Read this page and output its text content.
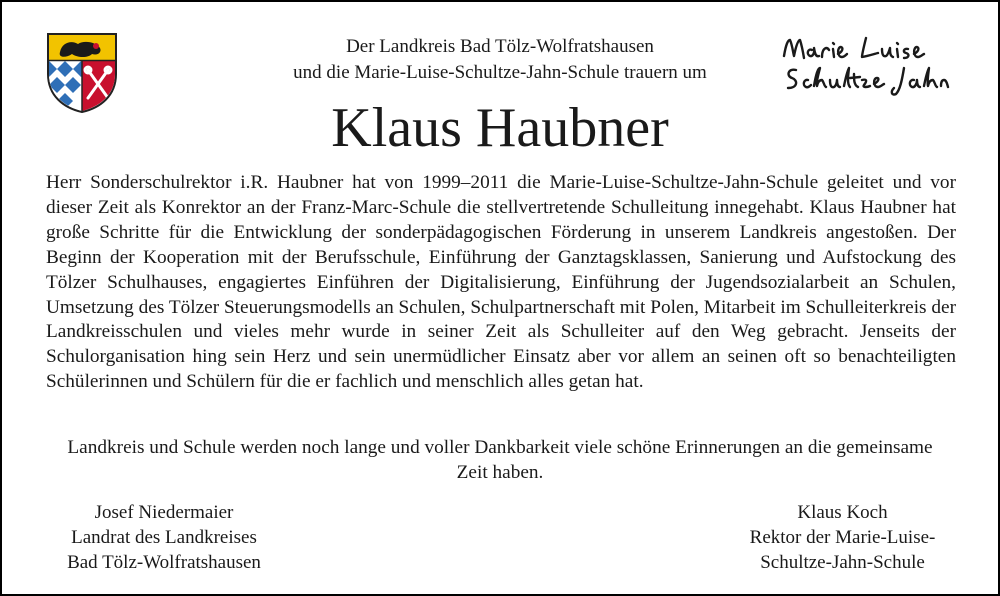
Der Landkreis Bad Tölz-Wolfratshausen
und die Marie-Luise-Schultze-Jahn-Schule trauern um
Marie Luise Schultze Jahn
Klaus Haubner
Herr Sonderschulrektor i.R. Haubner hat von 1999–2011 die Marie-Luise-Schultze-Jahn-Schule geleitet und vor dieser Zeit als Konrektor an der Franz-Marc-Schule die stellvertretende Schulleitung innegehabt. Klaus Haubner hat große Schritte für die Entwicklung der sonderpädagogischen Förderung in unserem Landkreis angestoßen. Der Beginn der Kooperation mit der Berufsschule, Einführung der Ganztagsklassen, Sanierung und Aufstockung des Tölzer Schulhauses, engagiertes Einführen der Digitalisierung, Einführung der Jugendsozialarbeit an Schulen, Umsetzung des Tölzer Steuerungsmodells an Schulen, Schulpartnerschaft mit Polen, Mitarbeit im Schulleiterkreis der Landkreisschulen und vieles mehr wurde in seiner Zeit als Schulleiter auf den Weg gebracht. Jenseits der Schulorganisation hing sein Herz und sein unermüdlicher Einsatz aber vor allem an seinen oft so benachteiligten Schülerinnen und Schülern für die er fachlich und menschlich alles getan hat.
Landkreis und Schule werden noch lange und voller Dankbarkeit viele schöne Erinnerungen an die gemeinsame Zeit haben.
Josef Niedermaier
Landrat des Landkreises
Bad Tölz-Wolfratshausen
Klaus Koch
Rektor der Marie-Luise-
Schultze-Jahn-Schule
